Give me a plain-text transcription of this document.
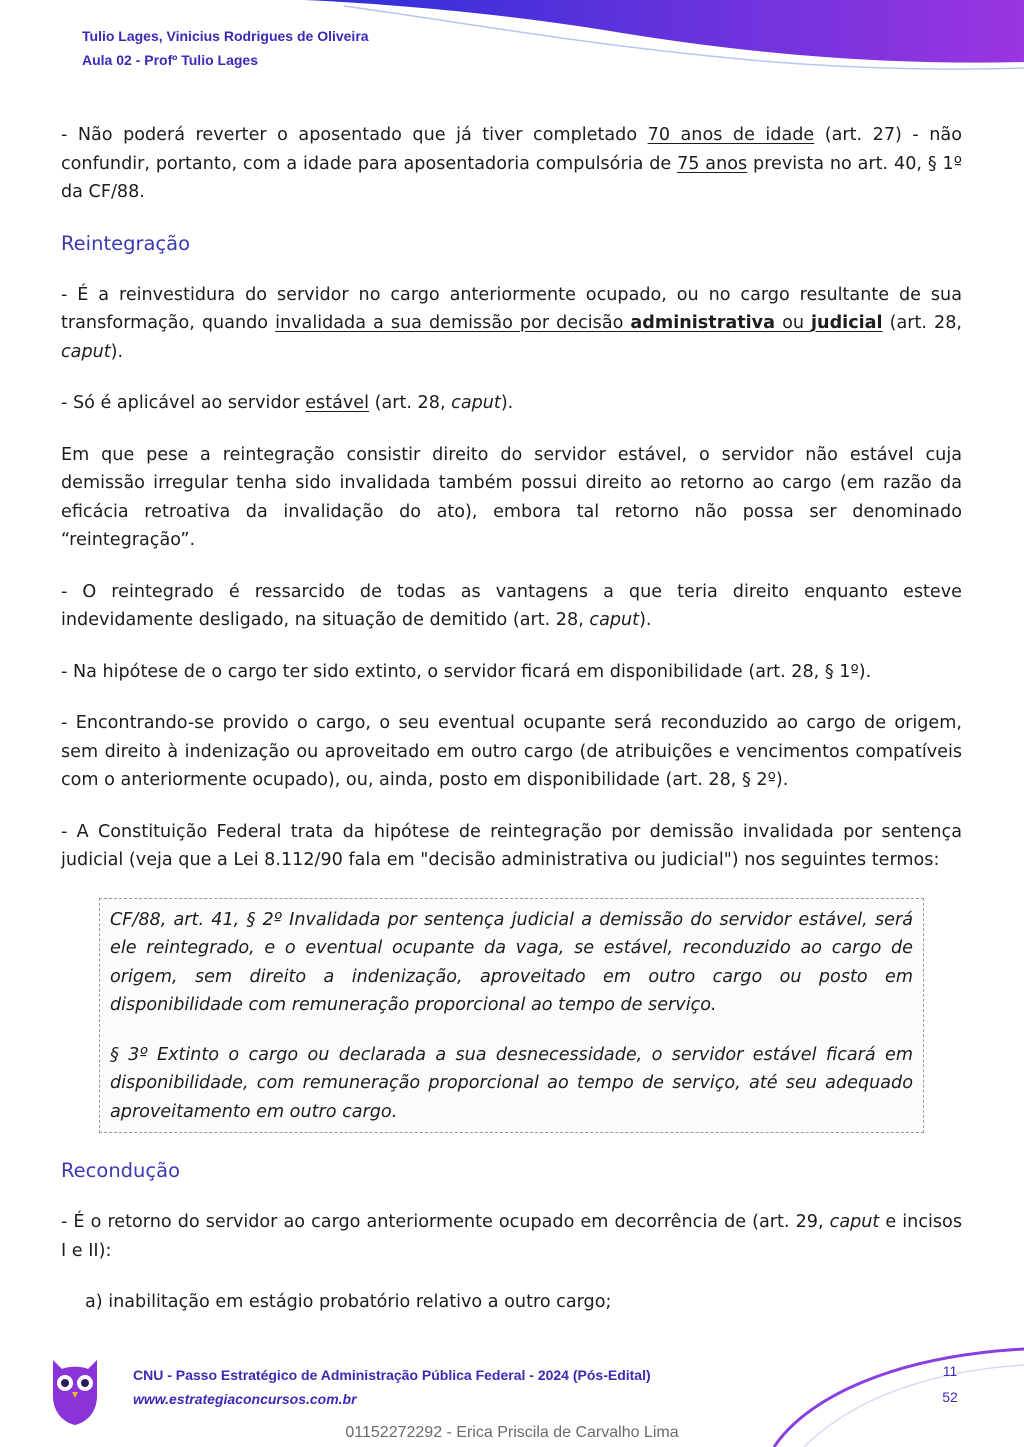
Tulio Lages, Vinicius Rodrigues de Oliveira
Aula 02 - Profº Tulio Lages

- Não poderá reverter o aposentado que já tiver completado 70 anos de idade (art. 27) - não confundir, portanto, com a idade para aposentadoria compulsória de 75 anos prevista no art. 40, § 1º da CF/88.

Reintegração

- É a reinvestidura do servidor no cargo anteriormente ocupado, ou no cargo resultante de sua transformação, quando invalidada a sua demissão por decisão administrativa ou judicial (art. 28, caput).

- Só é aplicável ao servidor estável (art. 28, caput).

Em que pese a reintegração consistir direito do servidor estável, o servidor não estável cuja demissão irregular tenha sido invalidada também possui direito ao retorno ao cargo (em razão da eficácia retroativa da invalidação do ato), embora tal retorno não possa ser denominado “reintegração”.

- O reintegrado é ressarcido de todas as vantagens a que teria direito enquanto esteve indevidamente desligado, na situação de demitido (art. 28, caput).

- Na hipótese de o cargo ter sido extinto, o servidor ficará em disponibilidade (art. 28, § 1º).

- Encontrando-se provido o cargo, o seu eventual ocupante será reconduzido ao cargo de origem, sem direito à indenização ou aproveitado em outro cargo (de atribuições e vencimentos compatíveis com o anteriormente ocupado), ou, ainda, posto em disponibilidade (art. 28, § 2º).

- A Constituição Federal trata da hipótese de reintegração por demissão invalidada por sentença judicial (veja que a Lei 8.112/90 fala em "decisão administrativa ou judicial") nos seguintes termos:

CF/88, art. 41, § 2º Invalidada por sentença judicial a demissão do servidor estável, será ele reintegrado, e o eventual ocupante da vaga, se estável, reconduzido ao cargo de origem, sem direito a indenização, aproveitado em outro cargo ou posto em disponibilidade com remuneração proporcional ao tempo de serviço.

§ 3º Extinto o cargo ou declarada a sua desnecessidade, o servidor estável ficará em disponibilidade, com remuneração proporcional ao tempo de serviço, até seu adequado aproveitamento em outro cargo.

Recondução

- É o retorno do servidor ao cargo anteriormente ocupado em decorrência de (art. 29, caput e incisos I e II):

a) inabilitação em estágio probatório relativo a outro cargo;

CNU - Passo Estratégico de Administração Pública Federal - 2024 (Pós-Edital)
www.estrategiaconcursos.com.br
11
52
01152272292 - Erica Priscila de Carvalho Lima
